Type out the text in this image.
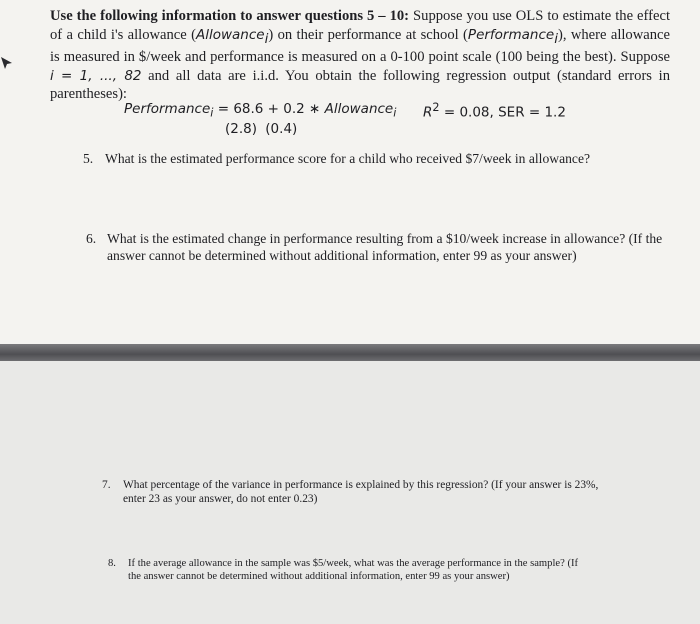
Use the following information to answer questions 5 – 10: Suppose you use OLS to estimate the effect of a child i's allowance (Allowance$_i$) on their performance at school (Performance$_i$), where allowance is measured in $/week and performance is measured on a 0-100 point scale (100 being the best). Suppose i = 1, ..., 82 and all data are i.i.d. You obtain the following regression output (standard errors in parentheses):
Performance$_i$ = 68.6 + 0.2 ∗ Allowance$_i$ $R^2 = 0.08$, SER = 1.2
(2.8) (0.4)
5. What is the estimated performance score for a child who received $7/week in allowance?
6. What is the estimated change in performance resulting from a $10/week increase in allowance? (If the answer cannot be determined without additional information, enter 99 as your answer)
7.	What percentage of the variance in performance is explained by this regression? (If your answer is 23%, enter 23 as your answer, do not enter 0.23)
8.	If the average allowance in the sample was $5/week, what was the average performance in the sample? (If the answer cannot be determined without additional information, enter 99 as your answer)
